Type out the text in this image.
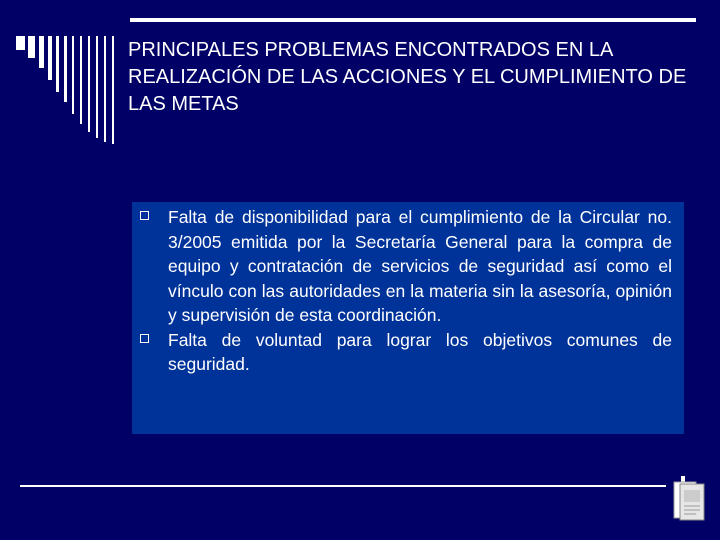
PRINCIPALES PROBLEMAS ENCONTRADOS EN LA REALIZACIÓN DE LAS ACCIONES Y EL CUMPLIMIENTO DE LAS METAS
Falta de disponibilidad para el cumplimiento de la Circular no. 3/2005 emitida por la Secretaría General para la compra de equipo y contratación de servicios de seguridad así como el vínculo con las autoridades en la materia sin la asesoría, opinión y supervisión de esta coordinación.
Falta de voluntad para lograr los objetivos comunes de seguridad.
